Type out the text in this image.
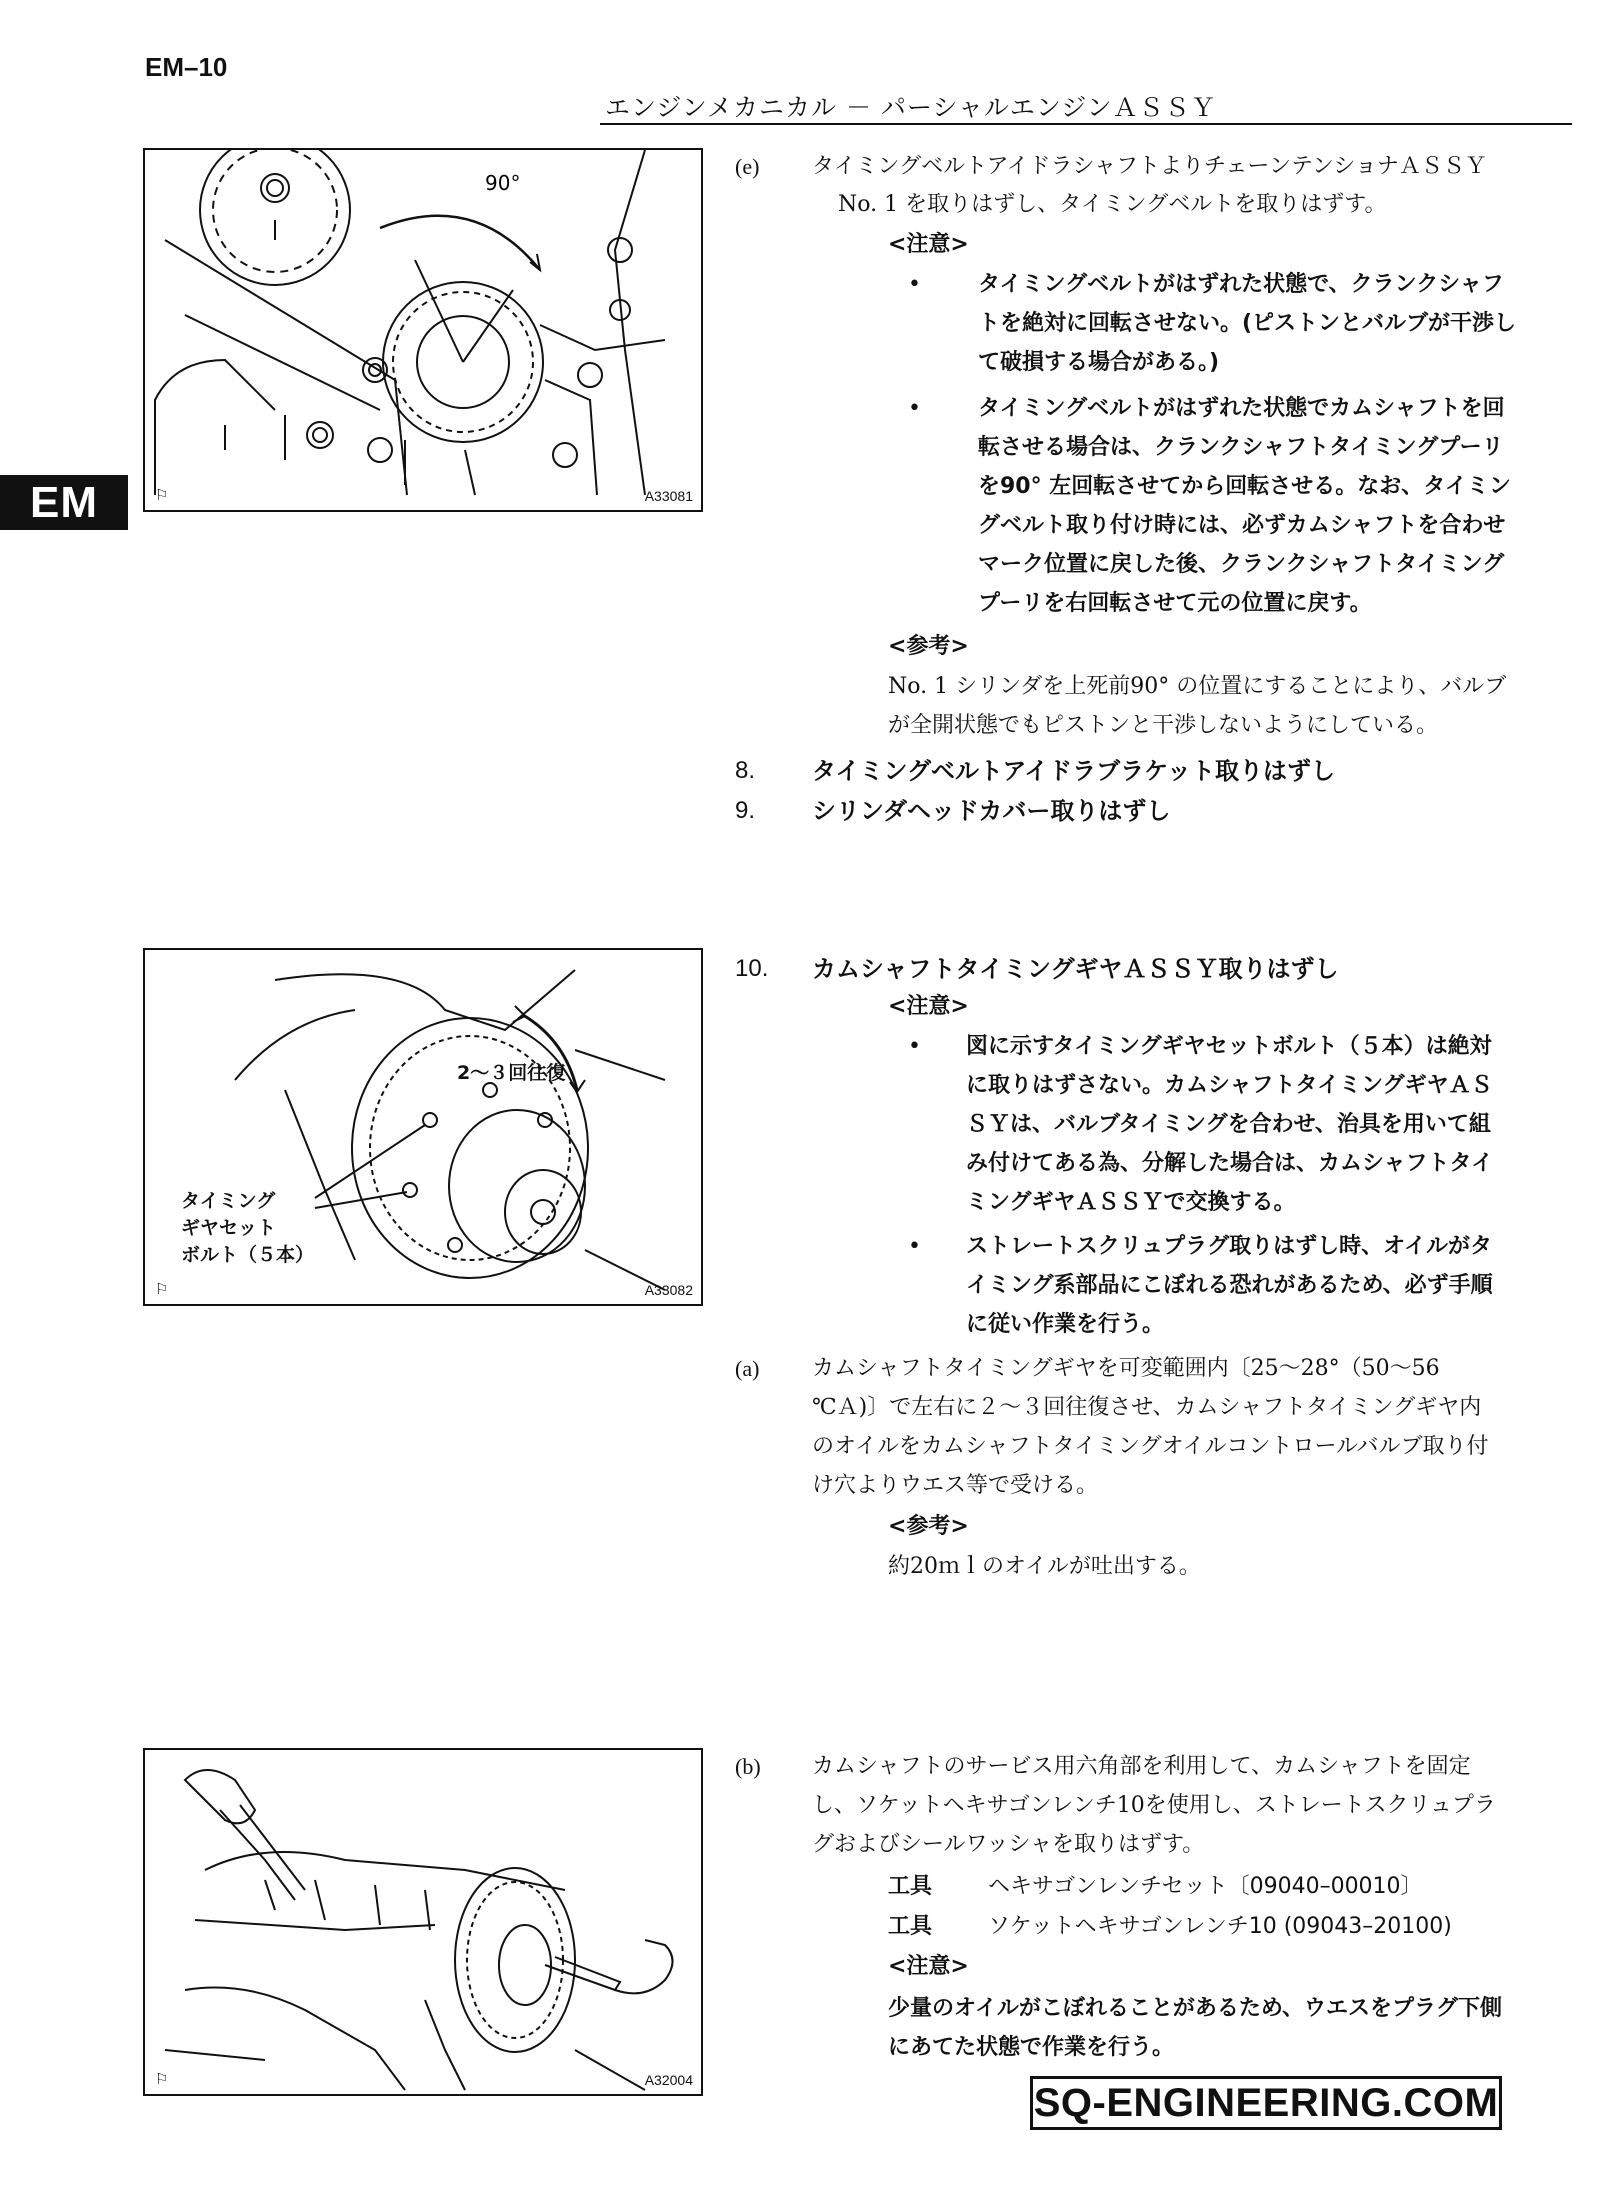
EM–10
エンジンメカニカル － パーシャルエンジンＡＳＳＹ
EM
90°
⚐	A33081
2～３回往復
タイミング
ギヤセット
ボルト（５本）
⚐	A33082
⚐	A32004
(e) タイミングベルトアイドラシャフトよりチェーンテンショナＡＳＳＹ
No. 1 を取りはずし、タイミングベルトを取りはずす。
<注意>
•	タイミングベルトがはずれた状態で、クランクシャフ
トを絶対に回転させない。(ピストンとバルブが干渉し
て破損する場合がある。)
•	タイミングベルトがはずれた状態でカムシャフトを回
転させる場合は、クランクシャフトタイミングプーリ
を90° 左回転させてから回転させる。なお、タイミン
グベルト取り付け時には、必ずカムシャフトを合わせ
マーク位置に戻した後、クランクシャフトタイミング
プーリを右回転させて元の位置に戻す。
<参考>
No. 1 シリンダを上死前90° の位置にすることにより、バルブ
が全開状態でもピストンと干渉しないようにしている。
8. タイミングベルトアイドラブラケット取りはずし
9. シリンダヘッドカバー取りはずし
10. カムシャフトタイミングギヤＡＳＳＹ取りはずし
<注意>
• 図に示すタイミングギヤセットボルト（５本）は絶対
に取りはずさない。カムシャフトタイミングギヤＡＳ
ＳＹは、バルブタイミングを合わせ、治具を用いて組
み付けてある為、分解した場合は、カムシャフトタイ
ミングギヤＡＳＳＹで交換する。
• ストレートスクリュプラグ取りはずし時、オイルがタ
イミング系部品にこぼれる恐れがあるため、必ず手順
に従い作業を行う。
(a) カムシャフトタイミングギヤを可変範囲内〔25～28°（50～56
℃Ａ)〕で左右に２～３回往復させ、カムシャフトタイミングギヤ内
のオイルをカムシャフトタイミングオイルコントロールバルブ取り付
け穴よりウエス等で受ける。
<参考>
約20ｍｌのオイルが吐出する。
(b) カムシャフトのサービス用六角部を利用して、カムシャフトを固定
し、ソケットヘキサゴンレンチ10を使用し、ストレートスクリュプラ
グおよびシールワッシャを取りはずす。
工具	ヘキサゴンレンチセット〔09040–00010〕
工具	ソケットヘキサゴンレンチ10 (09043–20100)
<注意>
少量のオイルがこぼれることがあるため、ウエスをプラグ下側
にあてた状態で作業を行う。
SQ-ENGINEERING.COM
